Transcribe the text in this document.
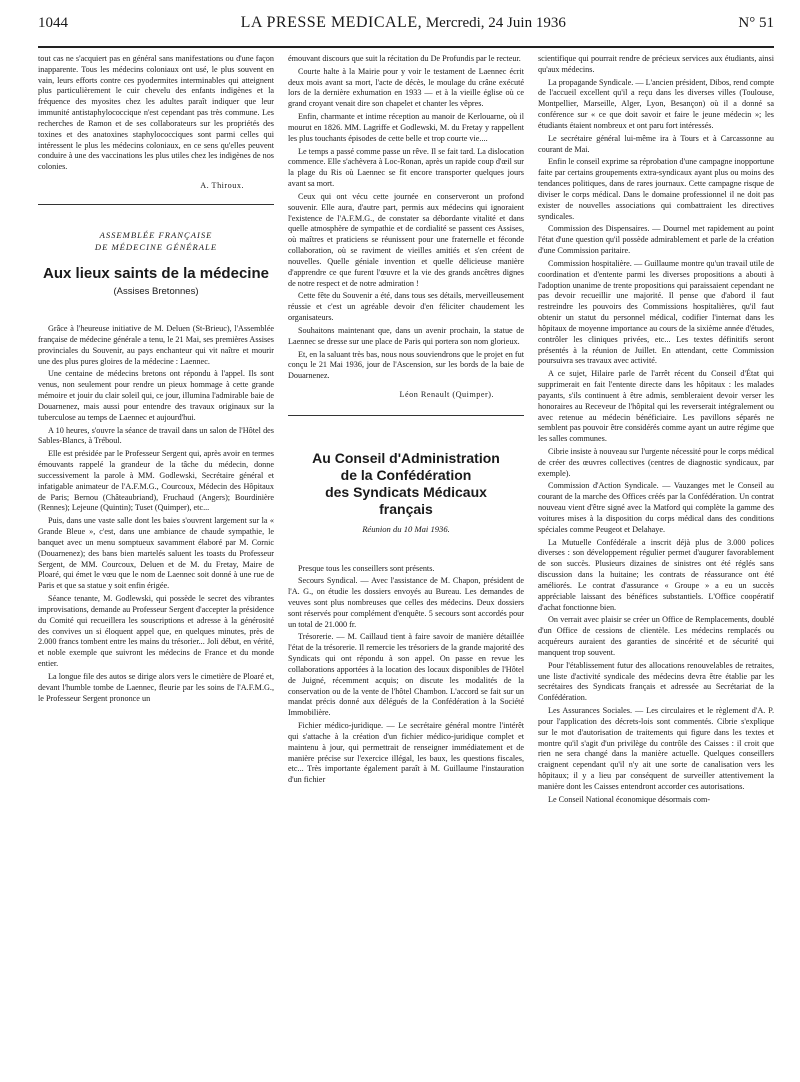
1044	LA PRESSE MEDICALE, Mercredi, 24 Juin 1936	N° 51

tout cas ne s'acquiert pas en général sans manifestations ou d'une façon inapparente. Tous les médecins coloniaux ont usé, le plus souvent en vain, leurs efforts contre ces pyodermites interminables qui atteignent plus particulièrement le cuir chevelu des enfants indigènes et la fréquence des myosites chez les adultes paraît indiquer que leur immunité antistaphylococcique n'est cependant pas très commune. Les recherches de Ramon et de ses collaborateurs sur les propriétés des toxines et des anatoxines staphylococciques sont parmi celles qui intéressent le plus les médecins coloniaux, en ce sens qu'elles peuvent conduire à une des vaccinations les plus utiles chez les indigènes de nos colonies.

A. Thiroux.
ASSEMBLÉE FRANÇAISE
DE MÉDECINE GÉNÉRALE
Aux lieux saints de la médecine
(Assises Bretonnes)

Grâce à l'heureuse initiative de M. Deluen (St-Brieuc), l'Assemblée française de médecine générale a tenu, le 21 Mai, ses premières Assises provinciales du Souvenir, au pays enchanteur qui vit naître et mourir une des plus pures gloires de la médecine : Laennec.

Une centaine de médecins bretons ont répondu à l'appel. Ils sont venus, non seulement pour rendre un pieux hommage à cette grande mémoire et jouir du clair soleil qui, ce jour, illumina l'admirable baie de Douarnenez, mais aussi pour entendre des travaux originaux sur la tuberculose au temps de Laennec et aujourd'hui.

A 10 heures, s'ouvre la séance de travail dans un salon de l'Hôtel des Sables-Blancs, à Tréboul.

Elle est présidée par le Professeur Sergent qui, après avoir en termes émouvants rappelé la grandeur de la tâche du médecin, donne successivement la parole à MM. Godlewski, Secrétaire général et infatigable animateur de l'A.F.M.G., Courcoux, Médecin des Hôpitaux de Paris; Bernou (Châteaubriand), Fruchaud (Angers); Bourdinière (Rennes); Lejeune (Quintin); Tuset (Quimper), etc...

Puis, dans une vaste salle dont les baies s'ouvrent largement sur la « Grande Bleue », c'est, dans une ambiance de chaude sympathie, le banquet avec un menu somptueux savamment élaboré par M. Cornic (Douarnenez); des bans bien martelés saluent les toasts du Professeur Sergent, de MM. Courcoux, Deluen et de M. du Fretay, Maire de Ploaré, qui émet le vœu que le nom de Laennec soit donné à une rue de Paris et que sa statue y soit enfin érigée.

Séance tenante, M. Godlewski, qui possède le secret des vibrantes improvisations, demande au Professeur Sergent d'accepter la présidence du Comité qui recueillera les souscriptions et adresse à la générosité des convives un si éloquent appel que, en quelques minutes, près de 2.000 francs tombent entre les mains du trésorier... Joli début, en vérité, et noble exemple que suivront les médecins de France et du monde entier.

La longue file des autos se dirige alors vers le cimetière de Ploaré et, devant l'humble tombe de Laennec, fleurie par les soins de l'A.F.M.G., le Professeur Sergent prononce un

émouvant discours que suit la récitation du De Profundis par le recteur.

Courte halte à la Mairie pour y voir le testament de Laennec écrit deux mois avant sa mort, l'acte de décès, le moulage du crâne exécuté lors de la dernière exhumation en 1933 — et à la vieille église où ce grand croyant venait dire son chapelet et chanter les vêpres.

Enfin, charmante et intime réception au manoir de Kerlouarne, où il mourut en 1826. MM. Lagriffe et Godlewski, M. du Fretay y rappellent les plus touchants épisodes de cette belle et trop courte vie....

Le temps a passé comme passe un rêve. Il se fait tard. La dislocation commence. Elle s'achèvera à Loc-Ronan, après un rapide coup d'œil sur la plage du Ris où Laennec se fit encore transporter quelques jours avant sa mort.

Ceux qui ont vécu cette journée en conserveront un profond souvenir. Elle aura, d'autre part, permis aux médecins qui ignoraient l'existence de l'A.F.M.G., de constater sa débordante vitalité et dans quelle atmosphère de sympathie et de cordialité se passent ces Assises, où maîtres et praticiens se réunissent pour une fraternelle et féconde collaboration, où se raviment de vieilles amitiés et s'en créent de nouvelles. Quelle géniale invention et quelle délicieuse manière d'apprendre ce que furent l'œuvre et la vie des grands ancêtres dignes de notre respect et de notre admiration !

Cette fête du Souvenir a été, dans tous ses détails, merveilleusement réussie et c'est un agréable devoir d'en féliciter chaudement les organisateurs.

Souhaitons maintenant que, dans un avenir prochain, la statue de Laennec se dresse sur une place de Paris qui portera son nom glorieux.

Et, en la saluant très bas, nous nous souviendrons que le projet en fut conçu le 21 Mai 1936, jour de l'Ascension, sur les bords de la baie de Douarnenez.

Léon Renault (Quimper).
Au Conseil d'Administration
de la Confédération
des Syndicats Médicaux
français
Réunion du 10 Mai 1936.

Presque tous les conseillers sont présents.

Secours Syndical. — Avec l'assistance de M. Chapon, président de l'A. G., on étudie les dossiers envoyés au Bureau. Les demandes de veuves sont plus nombreuses que celles des médecins. Deux dossiers sont réservés pour complément d'enquête. 5 secours sont accordés pour un total de 21.000 fr.

Trésorerie. — M. Caillaud tient à faire savoir de manière détaillée l'état de la trésorerie. Il remercie les trésoriers de la grande majorité des Syndicats qui ont répondu à son appel. On passe en revue les collaborations apportées à la location des locaux disponibles de l'Hôtel de Juigné, récemment acquis; on discute les modalités de la conservation ou de la vente de l'hôtel Chambon. L'accord se fait sur un mandat précis donné aux délégués de la Confédération à la Société Immobilière.

Fichier médico-juridique. — Le secrétaire général montre l'intérêt qui s'attache à la création d'un fichier médico-juridique complet et maintenu à jour, qui permettrait de renseigner immédiatement et de manière précise sur l'exercice illégal, les baux, les questions fiscales, etc... Très importante également paraît à M. Guillaume l'instauration d'un fichier

scientifique qui pourrait rendre de précieux services aux étudiants, ainsi qu'aux médecins.

La propagande Syndicale. — L'ancien président, Dibos, rend compte de l'accueil excellent qu'il a reçu dans les diverses villes (Toulouse, Montpellier, Marseille, Alger, Lyon, Besançon) où il a donné sa conférence sur « ce que doit savoir et faire le jeune médecin »; les étudiants étaient nombreux et ont paru fort intéressés.

Le secrétaire général lui-même ira à Tours et à Carcassonne au courant de Mai.

Enfin le conseil exprime sa réprobation d'une campagne inopportune faite par certains groupements extra-syndicaux ayant plus ou moins des tendances politiques, dans de rares journaux. Cette campagne risque de diviser le corps médical. Dans le domaine professionnel il ne doit pas exister de nouvelles associations qui combattraient les directives syndicales.

Commission des Dispensaires. — Dournel met rapidement au point l'état d'une question qu'il possède admirablement et parle de la création d'une Commission paritaire.

Commission hospitalière. — Guillaume montre qu'un travail utile de coordination et d'entente parmi les diverses propositions a abouti à l'adoption unanime de trente propositions qui paraissaient cependant ne pas devoir recueillir une majorité. Il pense que d'abord il faut restreindre les pouvoirs des Commissions hospitalières, qu'il faut obtenir un statut du personnel médical, codifier l'internat dans les hôpitaux de moyenne importance au cours de la sixième année d'études, contrôler les cliniques privées, etc... Les textes définitifs seront présentés à la réunion de Juillet. En attendant, cette Commission poursuivra ses travaux avec activité.

A ce sujet, Hilaire parle de l'arrêt récent du Conseil d'État qui supprimerait en fait l'entente directe dans les hôpitaux : les malades payants, s'ils continuent à être admis, sembleraient devoir verser les honoraires au Receveur de l'hôpital qui les reverserait intégralement ou avec retenue au médecin bénéficiaire. Les pavillons séparés ne semblent pas pouvoir être considérés comme ayant un autre régime que les salles communes.

Cibrie insiste à nouveau sur l'urgente nécessité pour le corps médical de créer des œuvres collectives (centres de diagnostic syndicaux, par exemple).

Commission d'Action Syndicale. — Vauzanges met le Conseil au courant de la marche des Offices créés par la Confédération. Un contrat nouveau vient d'être signé avec la Matford qui complète la gamme des voitures mises à la disposition du corps médical dans des conditions spéciales comme Peugeot et Delahaye.

La Mutuelle Confédérale a inscrit déjà plus de 3.000 polices diverses : son développement régulier permet d'augurer favorablement de son succès. Plusieurs dizaines de sinistres ont été réglés sans discussion dans la huitaine; les contrats de réassurance ont été améliorés. Le contrat d'assurance « Groupe » a eu un succès appréciable laissant des bénéfices substantiels. L'Office coopératif d'achat fonctionne bien.

On verrait avec plaisir se créer un Office de Remplacements, doublé d'un Office de cessions de clientèle. Les médecins remplacés ou acquéreurs auraient des garanties de sincérité et de sécurité qui manquent trop souvent.

Pour l'établissement futur des allocations renouvelables de retraites, une liste d'activité syndicale des médecins devra être établie par les secrétaires des Syndicats français et adressée au Secrétariat de la Confédération.

Les Assurances Sociales. — Les circulaires et le règlement d'A. P. pour l'application des décrets-lois sont commentés. Cibrie s'explique sur le mot d'autorisation de traitements qui figure dans les textes et montre qu'il s'agit d'un privilège du contrôle des Caisses : il croit que rien ne sera changé dans la manière actuelle. Quelques conseillers craignent cependant qu'il n'y ait une sorte de canalisation vers les hôpitaux; il y a lieu par conséquent de surveiller attentivement la manière dont les Caisses entendront accorder ces autorisations.

Le Conseil National économique désormais com-
